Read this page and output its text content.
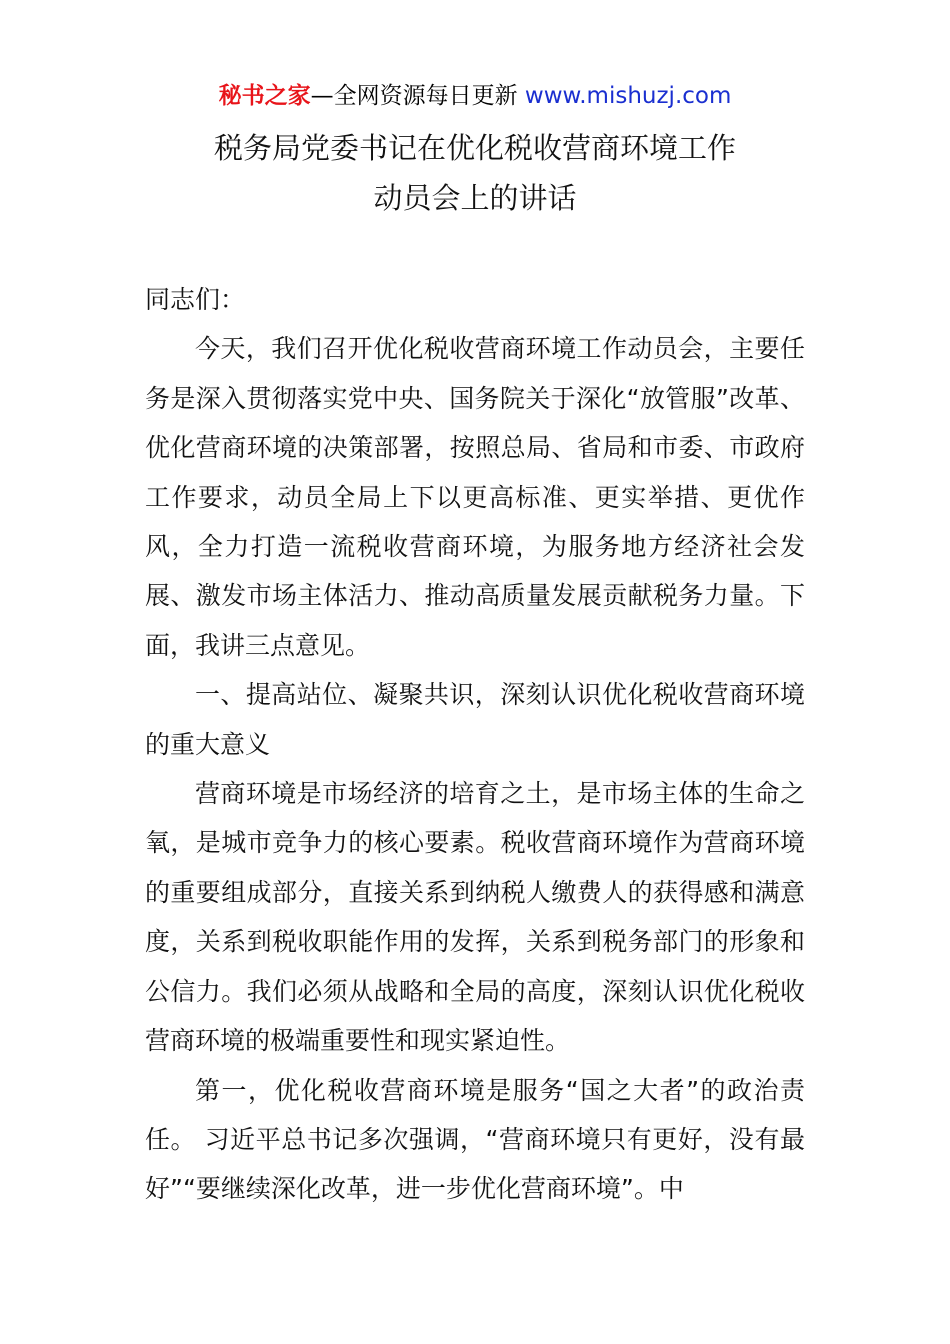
秘书之家—全网资源每日更新 www.mishuzj.com
税务局党委书记在优化税收营商环境工作
动员会上的讲话

同志们：

今天，我们召开优化税收营商环境工作动员会，主要任务是深入贯彻落实党中央、国务院关于深化“放管服”改革、优化营商环境的决策部署，按照总局、省局和市委、市政府工作要求，动员全局上下以更高标准、更实举措、更优作风，全力打造一流税收营商环境，为服务地方经济社会发展、激发市场主体活力、推动高质量发展贡献税务力量。下面，我讲三点意见。

一、提高站位、凝聚共识，深刻认识优化税收营商环境的重大意义

营商环境是市场经济的培育之土，是市场主体的生命之氧，是城市竞争力的核心要素。税收营商环境作为营商环境的重要组成部分，直接关系到纳税人缴费人的获得感和满意度，关系到税收职能作用的发挥，关系到税务部门的形象和公信力。我们必须从战略和全局的高度，深刻认识优化税收营商环境的极端重要性和现实紧迫性。

第一，优化税收营商环境是服务“国之大者”的政治责任。 习近平总书记多次强调，“营商环境只有更好，没有最好”“要继续深化改革，进一步优化营商环境”。中
